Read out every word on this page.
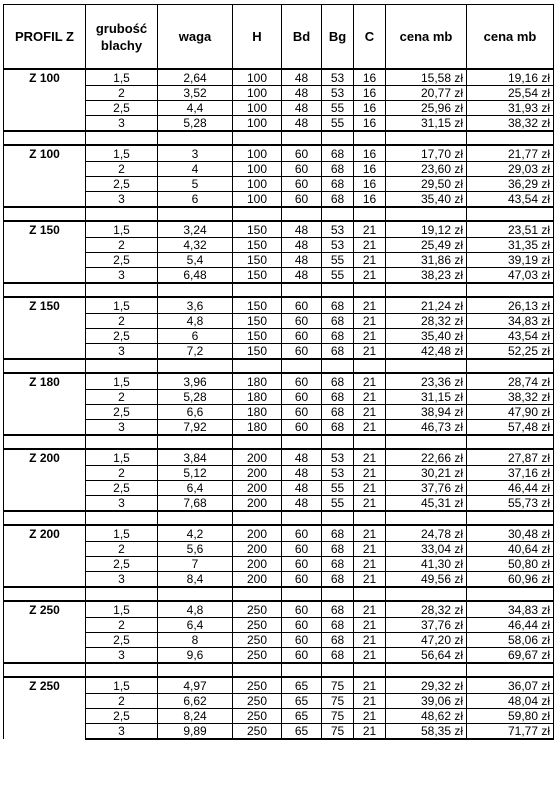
PROFIL Z	grubość blachy	waga	H	Bd	Bg	C	cena mb	cena mb
Z 100	1,5	2,64	100	48	53	16	15,58 zł	19,16 zł
	2	3,52	100	48	53	16	20,77 zł	25,54 zł
	2,5	4,4	100	48	55	16	25,96 zł	31,93 zł
	3	5,28	100	48	55	16	31,15 zł	38,32 zł

Z 100	1,5	3	100	60	68	16	17,70 zł	21,77 zł
	2	4	100	60	68	16	23,60 zł	29,03 zł
	2,5	5	100	60	68	16	29,50 zł	36,29 zł
	3	6	100	60	68	16	35,40 zł	43,54 zł

Z 150	1,5	3,24	150	48	53	21	19,12 zł	23,51 zł
	2	4,32	150	48	53	21	25,49 zł	31,35 zł
	2,5	5,4	150	48	55	21	31,86 zł	39,19 zł
	3	6,48	150	48	55	21	38,23 zł	47,03 zł

Z 150	1,5	3,6	150	60	68	21	21,24 zł	26,13 zł
	2	4,8	150	60	68	21	28,32 zł	34,83 zł
	2,5	6	150	60	68	21	35,40 zł	43,54 zł
	3	7,2	150	60	68	21	42,48 zł	52,25 zł

Z 180	1,5	3,96	180	60	68	21	23,36 zł	28,74 zł
	2	5,28	180	60	68	21	31,15 zł	38,32 zł
	2,5	6,6	180	60	68	21	38,94 zł	47,90 zł
	3	7,92	180	60	68	21	46,73 zł	57,48 zł

Z 200	1,5	3,84	200	48	53	21	22,66 zł	27,87 zł
	2	5,12	200	48	53	21	30,21 zł	37,16 zł
	2,5	6,4	200	48	55	21	37,76 zł	46,44 zł
	3	7,68	200	48	55	21	45,31 zł	55,73 zł

Z 200	1,5	4,2	200	60	68	21	24,78 zł	30,48 zł
	2	5,6	200	60	68	21	33,04 zł	40,64 zł
	2,5	7	200	60	68	21	41,30 zł	50,80 zł
	3	8,4	200	60	68	21	49,56 zł	60,96 zł

Z 250	1,5	4,8	250	60	68	21	28,32 zł	34,83 zł
	2	6,4	250	60	68	21	37,76 zł	46,44 zł
	2,5	8	250	60	68	21	47,20 zł	58,06 zł
	3	9,6	250	60	68	21	56,64 zł	69,67 zł

Z 250	1,5	4,97	250	65	75	21	29,32 zł	36,07 zł
	2	6,62	250	65	75	21	39,06 zł	48,04 zł
	2,5	8,24	250	65	75	21	48,62 zł	59,80 zł
	3	9,89	250	65	75	21	58,35 zł	71,77 zł
